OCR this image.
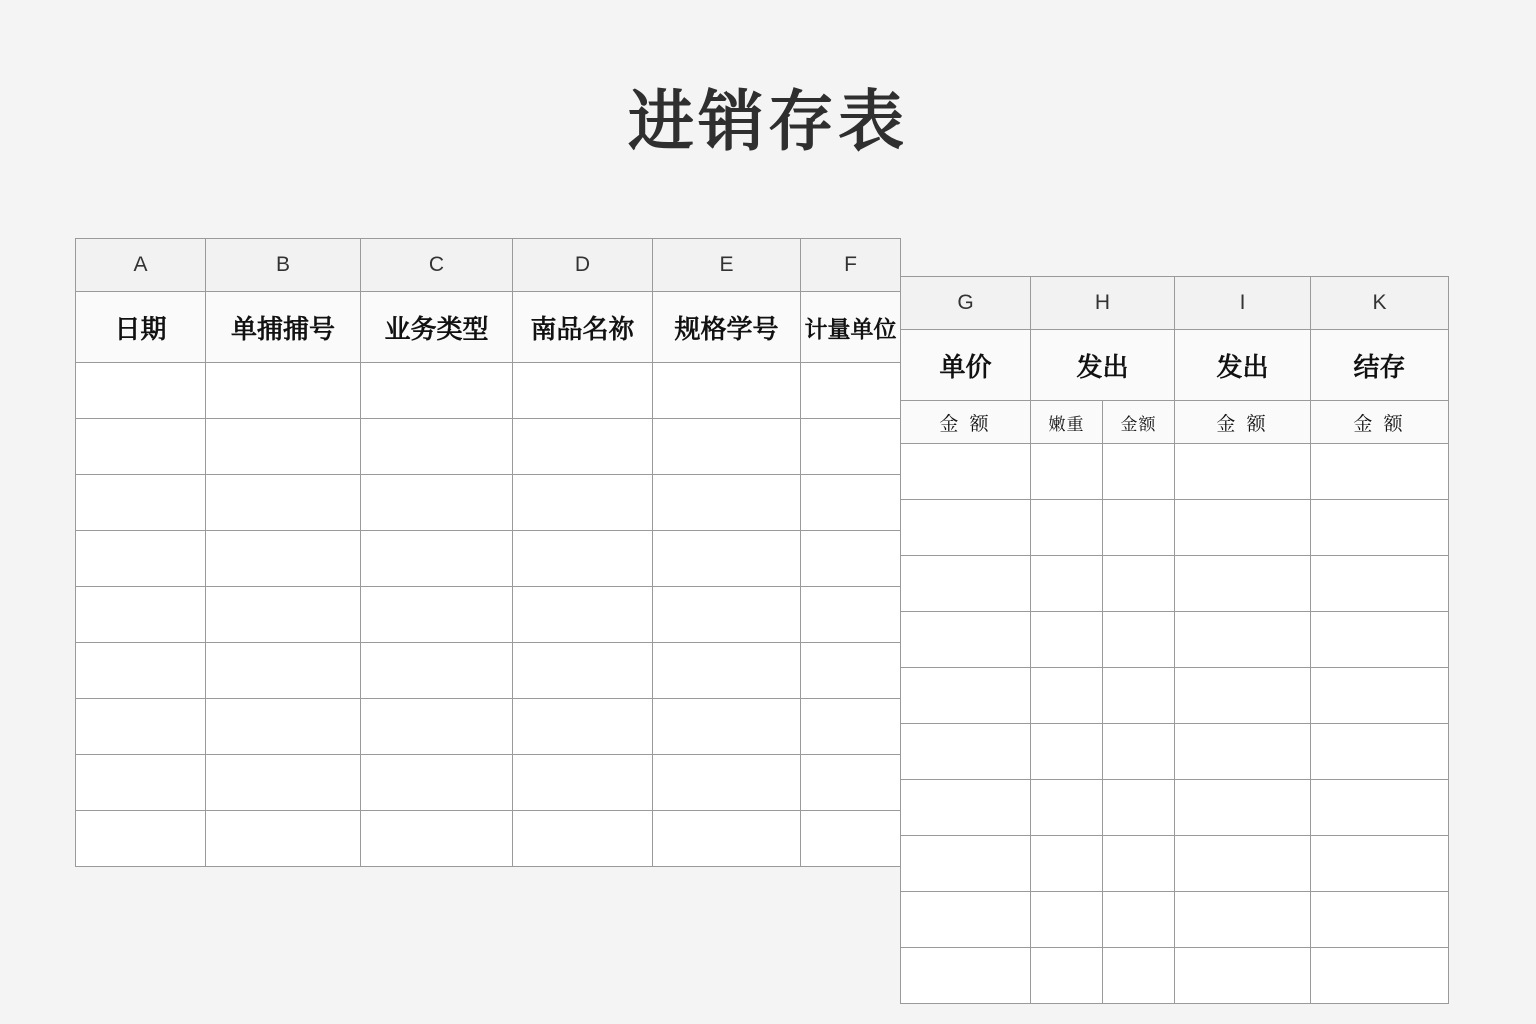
进销存表
A	B	C	D	E	F
日期	单捕捕号	业务类型	南品名祢	规格学号	计量单位

G	H		I	K
单价	发出		发出	结存
金 额	嫩重	金额	金 额	金 额
